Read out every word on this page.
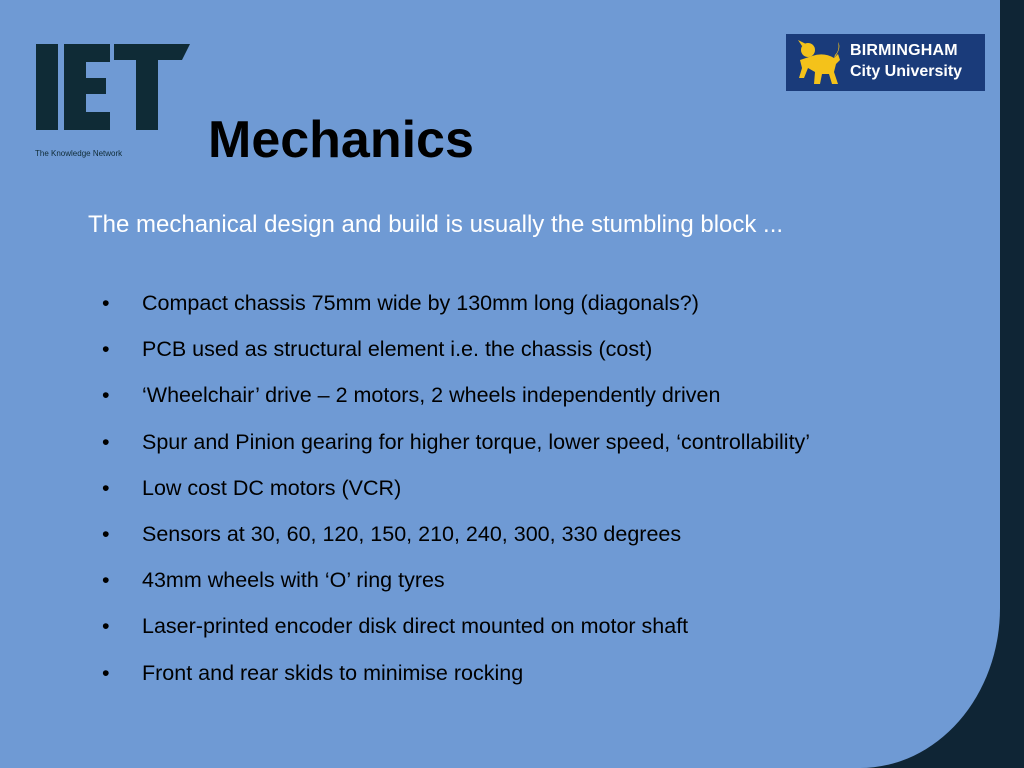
The Knowledge Network
BIRMINGHAM
City University
Mechanics
The mechanical design and build is usually the stumbling block ...
• Compact chassis 75mm wide by 130mm long (diagonals?)
• PCB used as structural element i.e. the chassis (cost)
• ‘Wheelchair’ drive – 2 motors, 2 wheels independently driven
• Spur and Pinion gearing for higher torque, lower speed, ‘controllability’
• Low cost DC motors (VCR)
• Sensors at 30, 60, 120, 150, 210, 240, 300, 330 degrees
• 43mm wheels with ‘O’ ring tyres
• Laser-printed encoder disk direct mounted on motor shaft
• Front and rear skids to minimise rocking
